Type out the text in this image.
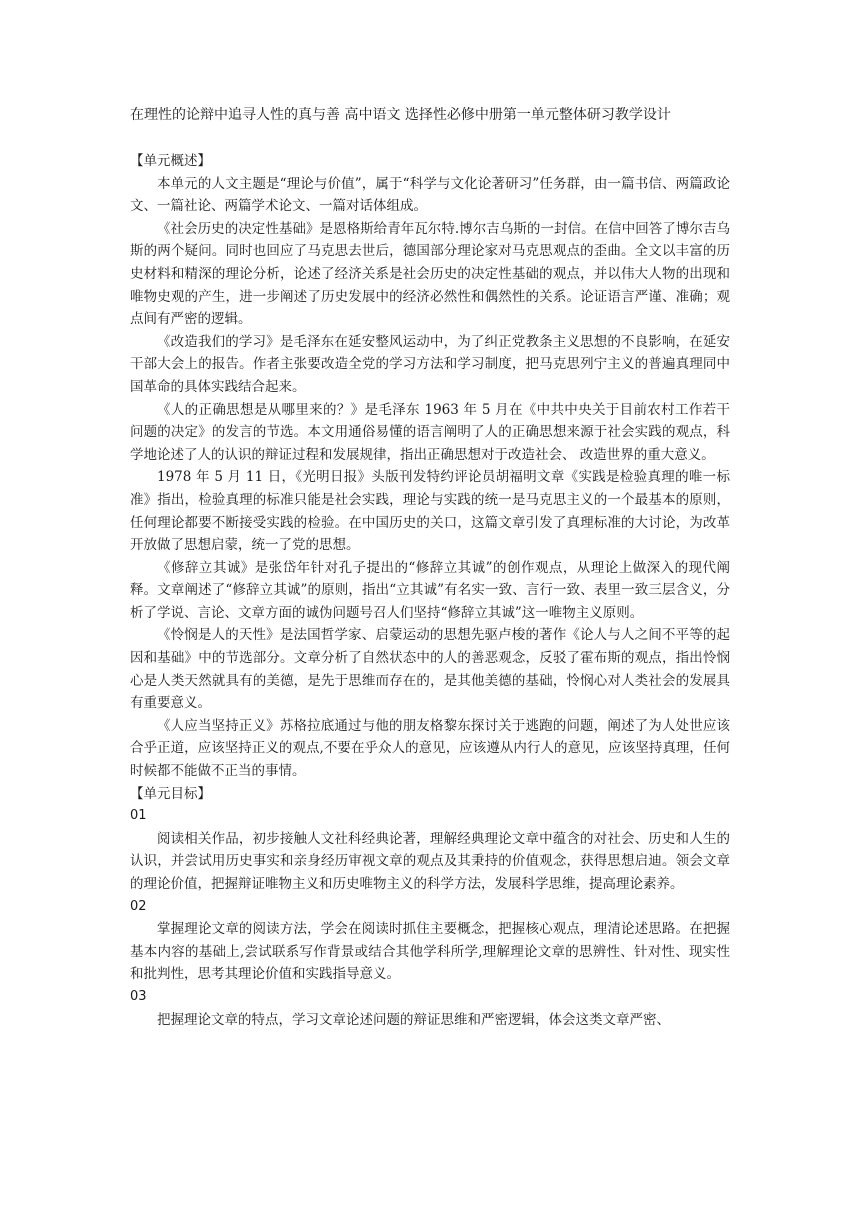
在理性的论辩中追寻人性的真与善 高中语文 选择性必修中册第一单元整体研习教学设计

【单元概述】

本单元的人文主题是“理论与价值”，属于“科学与文化论著研习”任务群，由一篇书信、两篇政论文、一篇社论、两篇学术论文、一篇对话体组成。

《社会历史的决定性基础》是恩格斯给青年瓦尔特.博尔吉乌斯的一封信。在信中回答了博尔吉乌斯的两个疑问。同时也回应了马克思去世后，德国部分理论家对马克思观点的歪曲。全文以丰富的历史材料和精深的理论分析，论述了经济关系是社会历史的决定性基础的观点，并以伟大人物的出现和唯物史观的产生，进一步阐述了历史发展中的经济必然性和偶然性的关系。论证语言严谨、准确；观点间有严密的逻辑。

《改造我们的学习》是毛泽东在延安整风运动中，为了纠正党教条主义思想的不良影响，在延安干部大会上的报告。作者主张要改造全党的学习方法和学习制度，把马克思列宁主义的普遍真理同中国革命的具体实践结合起来。

《人的正确思想是从哪里来的？》是毛泽东 1963 年 5 月在《中共中央关于目前农村工作若干问题的决定》的发言的节选。本文用通俗易懂的语言阐明了人的正确思想来源于社会实践的观点，科学地论述了人的认识的辩证过程和发展规律，指出正确思想对于改造社会、 改造世界的重大意义。

1978 年 5 月 11 日，《光明日报》头版刊发特约评论员胡福明文章《实践是检验真理的唯一标准》指出，检验真理的标准只能是社会实践，理论与实践的统一是马克思主义的一个最基本的原则，任何理论都要不断接受实践的检验。在中国历史的关口，这篇文章引发了真理标准的大讨论，为改革开放做了思想启蒙，统一了党的思想。

《修辞立其诚》是张岱年针对孔子提出的“修辞立其诚”的创作观点，从理论上做深入的现代阐释。文章阐述了“修辞立其诚”的原则，指出“立其诚”有名实一致、言行一致、表里一致三层含义，分析了学说、言论、文章方面的诚伪问题号召人们坚持“修辞立其诚”这一唯物主义原则。

《怜悯是人的天性》是法国哲学家、启蒙运动的思想先驱卢梭的著作《论人与人之间不平等的起因和基础》中的节选部分。文章分析了自然状态中的人的善恶观念，反驳了霍布斯的观点，指出怜悯心是人类天然就具有的美德，是先于思维而存在的，是其他美德的基础，怜悯心对人类社会的发展具有重要意义。

《人应当坚持正义》苏格拉底通过与他的朋友格黎东探讨关于逃跑的问题，阐述了为人处世应该合乎正道，应该坚持正义的观点,不要在乎众人的意见，应该遵从内行人的意见，应该坚持真理，任何时候都不能做不正当的事情。

【单元目标】

01

阅读相关作品，初步接触人文社科经典论著，理解经典理论文章中蕴含的对社会、历史和人生的认识，并尝试用历史事实和亲身经历审视文章的观点及其秉持的价值观念，获得思想启迪。领会文章的理论价值，把握辩证唯物主义和历史唯物主义的科学方法，发展科学思维，提高理论素养。

02

掌握理论文章的阅读方法，学会在阅读时抓住主要概念，把握核心观点，理清论述思路。在把握基本内容的基础上,尝试联系写作背景或结合其他学科所学,理解理论文章的思辨性、针对性、现实性和批判性，思考其理论价值和实践指导意义。

03

把握理论文章的特点，学习文章论述问题的辩证思维和严密逻辑，体会这类文章严密、
